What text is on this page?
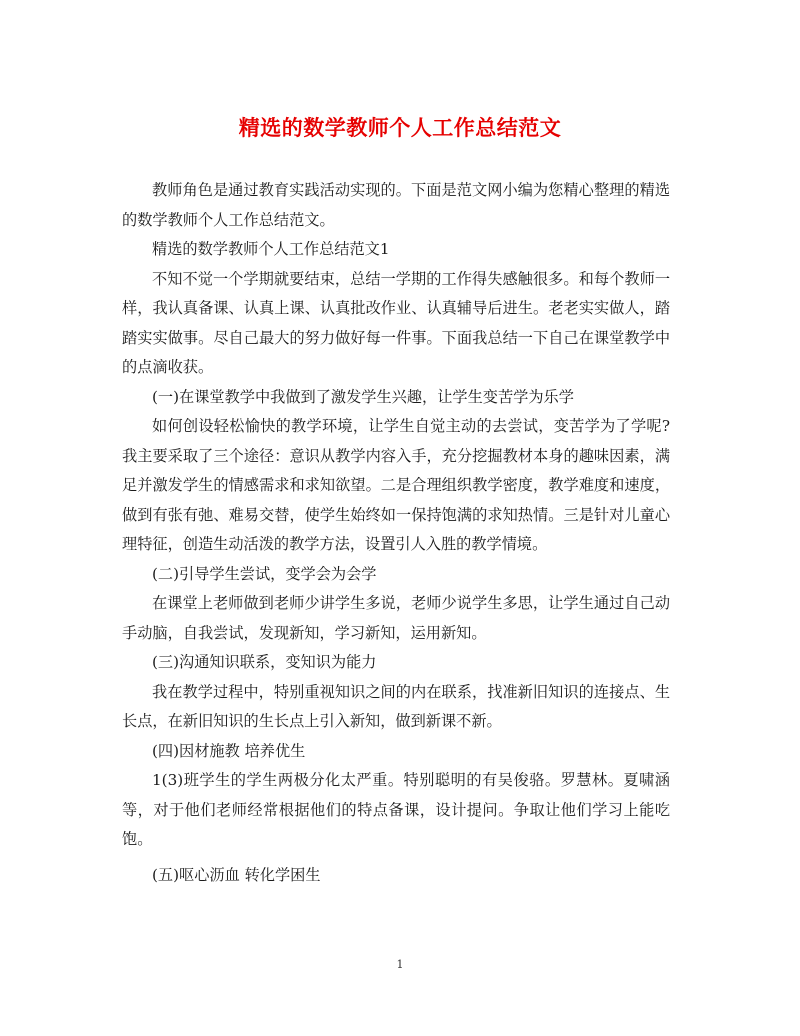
精选的数学教师个人工作总结范文

教师角色是通过教育实践活动实现的。下面是范文网小编为您精心整理的精选的数学教师个人工作总结范文。

精选的数学教师个人工作总结范文1

不知不觉一个学期就要结束，总结一学期的工作得失感触很多。和每个教师一样，我认真备课、认真上课、认真批改作业、认真辅导后进生。老老实实做人，踏踏实实做事。尽自己最大的努力做好每一件事。下面我总结一下自己在课堂教学中的点滴收获。

(一)在课堂教学中我做到了激发学生兴趣，让学生变苦学为乐学

如何创设轻松愉快的教学环境，让学生自觉主动的去尝试，变苦学为了学呢?我主要采取了三个途径：意识从教学内容入手，充分挖掘教材本身的趣味因素，满足并激发学生的情感需求和求知欲望。二是合理组织教学密度，教学难度和速度，做到有张有弛、难易交替，使学生始终如一保持饱满的求知热情。三是针对儿童心理特征，创造生动活泼的教学方法，设置引人入胜的教学情境。

(二)引导学生尝试，变学会为会学

在课堂上老师做到老师少讲学生多说，老师少说学生多思，让学生通过自己动手动脑，自我尝试，发现新知，学习新知，运用新知。

(三)沟通知识联系，变知识为能力

我在教学过程中，特别重视知识之间的内在联系，找准新旧知识的连接点、生长点，在新旧知识的生长点上引入新知，做到新课不新。

(四)因材施教 培养优生

1(3)班学生的学生两极分化太严重。特别聪明的有吴俊骆。罗慧林。夏啸涵等，对于他们老师经常根据他们的特点备课，设计提问。争取让他们学习上能吃饱。

(五)呕心沥血 转化学困生

1
